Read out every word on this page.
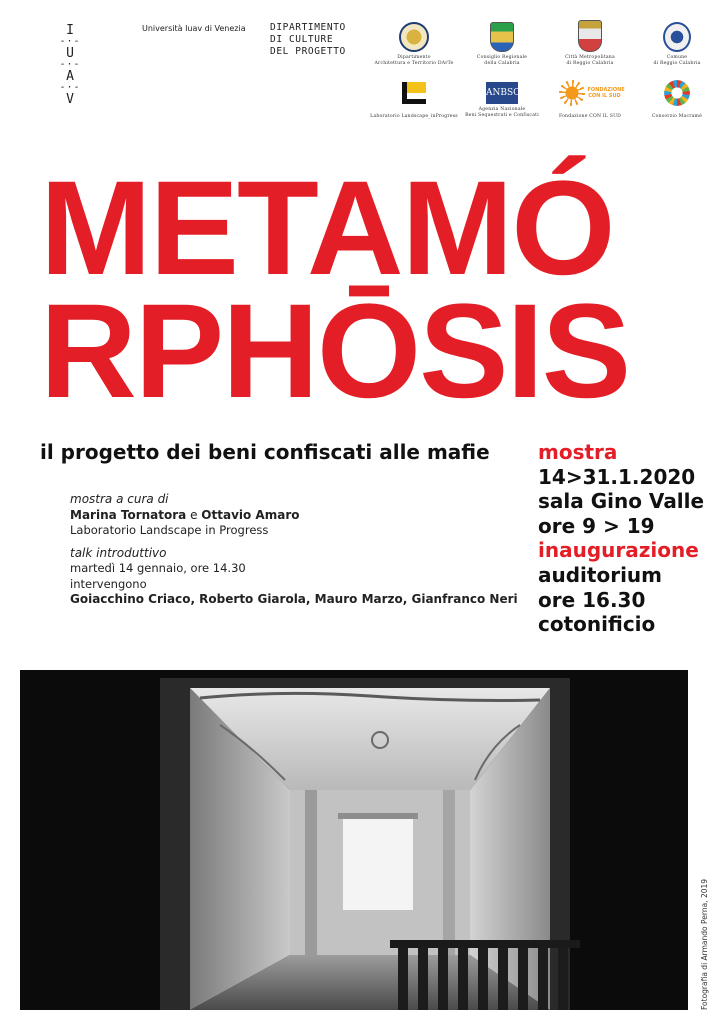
I
-·-
U
-·-
A
-·-
V
Università Iuav di Venezia	DIPARTIMENTO
DI CULTURE
DEL PROGETTO
Dipartimento
Architettura e Territorio DArTe
Consiglio Regionale
della Calabria
Città Metropolitana
di Reggio Calabria
Comune
di Reggio Calabria
Laboratorio Landscape_inProgress
ANBSC
Agenzia Nazionale
Beni Sequestrati e Confiscati
FONDAZIONE CON IL SUD
Fondazione CON IL SUD	Consorzio Macramè
METAMÓ
RPHŌSIS
il progetto dei beni confiscati alle mafie
mostra a cura di
Marina Tornatora e Ottavio Amaro
Laboratorio Landscape in Progress
talk introduttivo
martedì 14 gennaio, ore 14.30
intervengono
Goiacchino Criaco, Roberto Giarola, Mauro Marzo, Gianfranco Neri
mostra
14>31.1.2020
sala Gino Valle
ore 9 > 19
inaugurazione
auditorium
ore 16.30
cotonificio
Fotografia di Armando Perna, 2019
